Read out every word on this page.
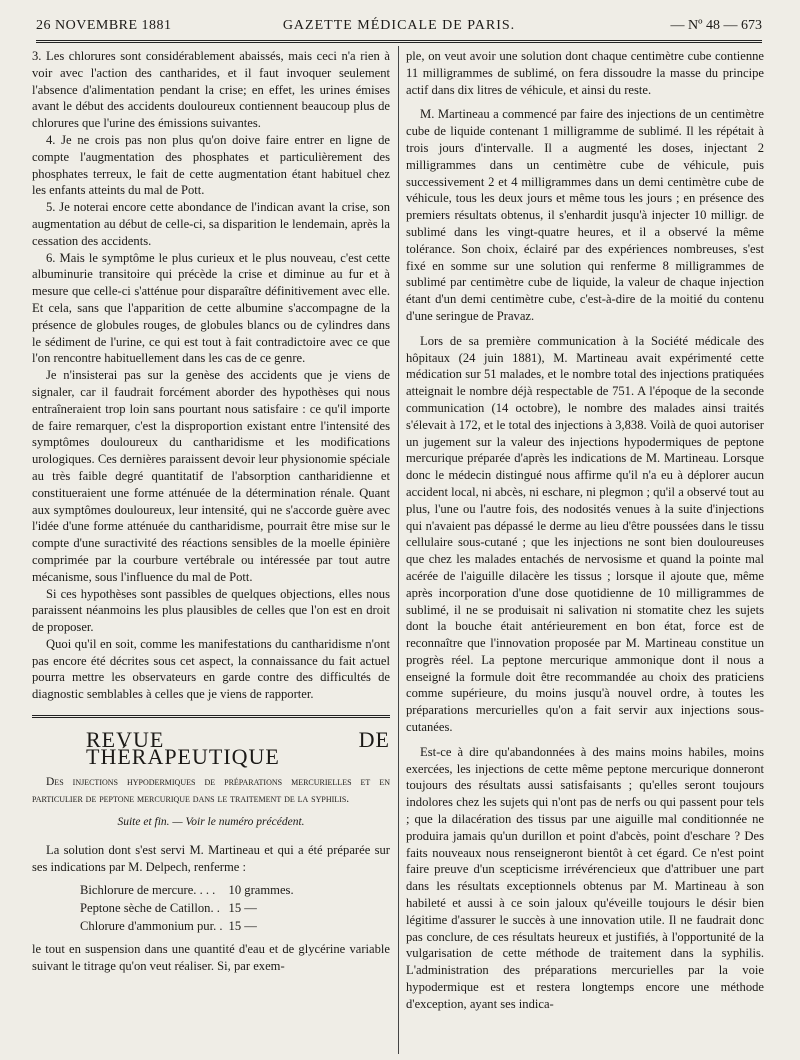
26 NOVEMBRE 1881	GAZETTE MÉDICALE DE PARIS.	— Nº 48 — 673

3. Les chlorures sont considérablement abaissés, mais ceci n'a rien à voir avec l'action des cantharides, et il faut invoquer seulement l'absence d'alimentation pendant la crise; en effet, les urines émises avant le début des accidents douloureux contiennent beaucoup plus de chlorures que l'urine des émissions suivantes.

4. Je ne crois pas non plus qu'on doive faire entrer en ligne de compte l'augmentation des phosphates et particulièrement des phosphates terreux, le fait de cette augmentation étant habituel chez les enfants atteints du mal de Pott.

5. Je noterai encore cette abondance de l'indican avant la crise, son augmentation au début de celle-ci, sa disparition le lendemain, après la cessation des accidents.

6. Mais le symptôme le plus curieux et le plus nouveau, c'est cette albuminurie transitoire qui précède la crise et diminue au fur et à mesure que celle-ci s'atténue pour disparaître définitivement avec elle. Et cela, sans que l'apparition de cette albumine s'accompagne de la présence de globules rouges, de globules blancs ou de cylindres dans le sédiment de l'urine, ce qui est tout à fait contradictoire avec ce que l'on rencontre habituellement dans les cas de ce genre.

Je n'insisterai pas sur la genèse des accidents que je viens de signaler, car il faudrait forcément aborder des hypothèses qui nous entraîneraient trop loin sans pourtant nous satisfaire : ce qu'il importe de faire remarquer, c'est la disproportion existant entre l'intensité des symptômes douloureux du cantharidisme et les modifications urologiques. Ces dernières paraissent devoir leur physionomie spéciale au très faible degré quantitatif de l'absorption cantharidienne et constitueraient une forme atténuée de la détermination rénale. Quant aux symptômes douloureux, leur intensité, qui ne s'accorde guère avec l'idée d'une forme atténuée du cantharidisme, pourrait être mise sur le compte d'une suractivité des réactions sensibles de la moelle épinière comprimée par la courbure vertébrale ou intéressée par tout autre mécanisme, sous l'influence du mal de Pott.

Si ces hypothèses sont passibles de quelques objections, elles nous paraissent néanmoins les plus plausibles de celles que l'on est en droit de proposer.

Quoi qu'il en soit, comme les manifestations du cantharidisme n'ont pas encore été décrites sous cet aspect, la connaissance du fait actuel pourra mettre les observateurs en garde contre des difficultés de diagnostic semblables à celles que je viens de rapporter.

REVUE DE THÉRAPEUTIQUE

Des injections hypodermiques de préparations mercurielles et en particulier de peptone mercurique dans le traitement de la syphilis.

Suite et fin. — Voir le numéro précédent.

La solution dont s'est servi M. Martineau et qui a été préparée sur ses indications par M. Delpech, renferme :

Bichlorure de mercure. . . .	10 grammes.
Peptone sèche de Catillon. .	15 —
Chlorure d'ammonium pur. .	15 —

le tout en suspension dans une quantité d'eau et de glycérine variable suivant le titrage qu'on veut réaliser. Si, par exem-

ple, on veut avoir une solution dont chaque centimètre cube contienne 11 milligrammes de sublimé, on fera dissoudre la masse du principe actif dans dix litres de véhicule, et ainsi du reste.

M. Martineau a commencé par faire des injections de un centimètre cube de liquide contenant 1 milligramme de sublimé. Il les répétait à trois jours d'intervalle. Il a augmenté les doses, injectant 2 milligrammes dans un centimètre cube de véhicule, puis successivement 2 et 4 milligrammes dans un demi centimètre cube de véhicule, tous les deux jours et même tous les jours ; en présence des premiers résultats obtenus, il s'enhardit jusqu'à injecter 10 milligr. de sublimé dans les vingt-quatre heures, et il a observé la même tolérance. Son choix, éclairé par des expériences nombreuses, s'est fixé en somme sur une solution qui renferme 8 milligrammes de sublimé par centimètre cube de liquide, la valeur de chaque injection étant d'un demi centimètre cube, c'est-à-dire de la moitié du contenu d'une seringue de Pravaz.

Lors de sa première communication à la Société médicale des hôpitaux (24 juin 1881), M. Martineau avait expérimenté cette médication sur 51 malades, et le nombre total des injections pratiquées atteignait le nombre déjà respectable de 751. A l'époque de la seconde communication (14 octobre), le nombre des malades ainsi traités s'élevait à 172, et le total des injections à 3,838. Voilà de quoi autoriser un jugement sur la valeur des injections hypodermiques de peptone mercurique préparée d'après les indications de M. Martineau. Lorsque donc le médecin distingué nous affirme qu'il n'a eu à déplorer aucun accident local, ni abcès, ni eschare, ni plegmon ; qu'il a observé tout au plus, l'une ou l'autre fois, des nodosités venues à la suite d'injections qui n'avaient pas dépassé le derme au lieu d'être poussées dans le tissu cellulaire sous-cutané ; que les injections ne sont bien douloureuses que chez les malades entachés de nervosisme et quand la pointe mal acérée de l'aiguille dilacère les tissus ; lorsque il ajoute que, même après incorporation d'une dose quotidienne de 10 milligrammes de sublimé, il ne se produisait ni salivation ni stomatite chez les sujets dont la bouche était antérieurement en bon état, force est de reconnaître que l'innovation proposée par M. Martineau constitue un progrès réel. La peptone mercurique ammonique dont il nous a enseigné la formule doit être recommandée au choix des praticiens comme supérieure, du moins jusqu'à nouvel ordre, à toutes les préparations mercurielles qu'on a fait servir aux injections sous-cutanées.

Est-ce à dire qu'abandonnées à des mains moins habiles, moins exercées, les injections de cette même peptone mercurique donneront toujours des résultats aussi satisfaisants ; qu'elles seront toujours indolores chez les sujets qui n'ont pas de nerfs ou qui passent pour tels ; que la dilacération des tissus par une aiguille mal conditionnée ne produira jamais qu'un durillon et point d'abcès, point d'eschare ? Des faits nouveaux nous renseigneront bientôt à cet égard. Ce n'est point faire preuve d'un scepticisme irrévérencieux que d'attribuer une part dans les résultats exceptionnels obtenus par M. Martineau à son habileté et aussi à ce soin jaloux qu'éveille toujours le désir bien légitime d'assurer le succès à une innovation utile. Il ne faudrait donc pas conclure, de ces résultats heureux et justifiés, à l'opportunité de la vulgarisation de cette méthode de traitement dans la syphilis. L'administration des préparations mercurielles par la voie hypodermique est et restera longtemps encore une méthode d'exception, ayant ses indica-
